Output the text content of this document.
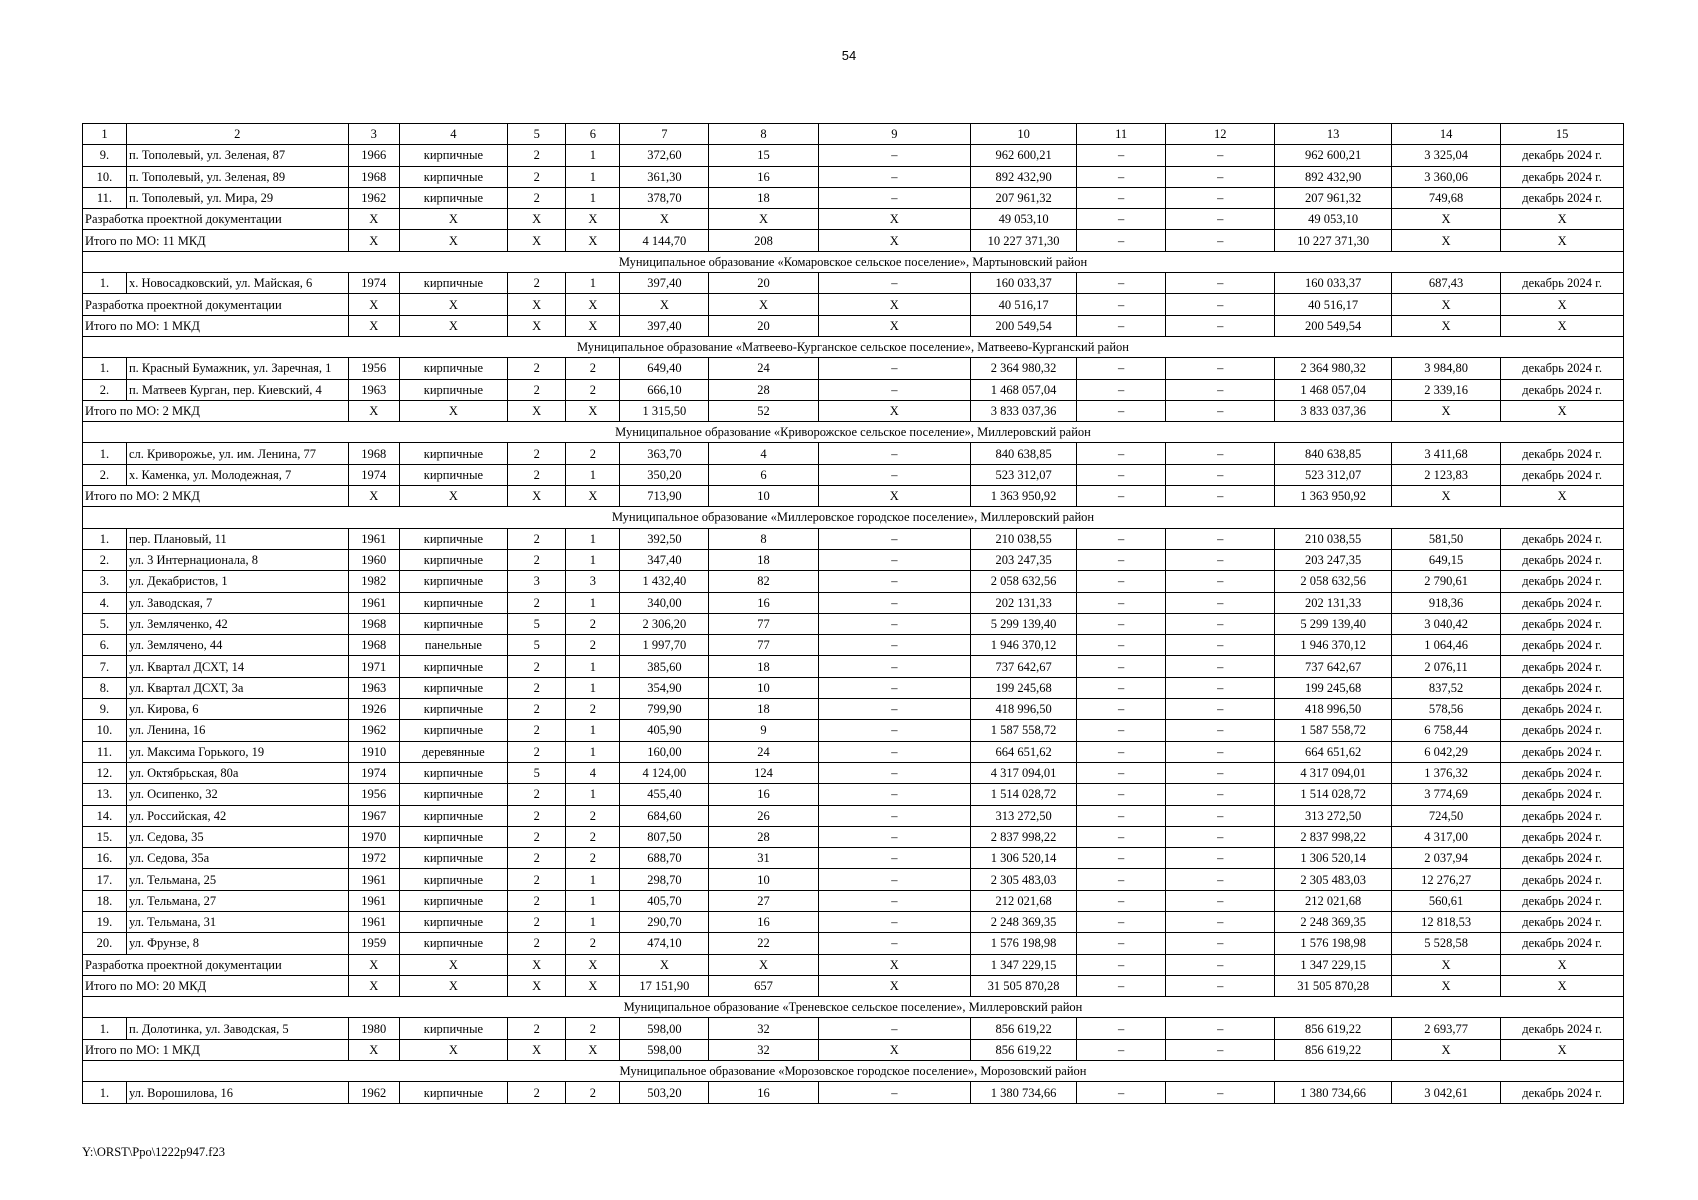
54
1	2	3	4	5	6	7	8	9	10	11	12	13	14	15
9.	п. Тополевый, ул. Зеленая, 87	1966	кирпичные	2	1	372,60	15	–	962 600,21	–	–	962 600,21	3 325,04	декабрь 2024 г.
10.	п. Тополевый, ул. Зеленая, 89	1968	кирпичные	2	1	361,30	16	–	892 432,90	–	–	892 432,90	3 360,06	декабрь 2024 г.
11.	п. Тополевый, ул. Мира, 29	1962	кирпичные	2	1	378,70	18	–	207 961,32	–	–	207 961,32	749,68	декабрь 2024 г.
Разработка проектной документации		X	X	X	X	X	X	X	49 053,10	–	–	49 053,10	X	X
Итого по МО: 11 МКД		X	X	X	X	4 144,70	208	X	10 227 371,30	–	–	10 227 371,30	X	X
Муниципальное образование «Комаровское сельское поселение», Мартыновский район														
1.	х. Новосадковский, ул. Майская, 6	1974	кирпичные	2	1	397,40	20	–	160 033,37	–	–	160 033,37	687,43	декабрь 2024 г.
Разработка проектной документации		X	X	X	X	X	X	X	40 516,17	–	–	40 516,17	X	X
Итого по МО: 1 МКД		X	X	X	X	397,40	20	X	200 549,54	–	–	200 549,54	X	X
Муниципальное образование «Матвеево-Курганское сельское поселение», Матвеево-Курганский район														
1.	п. Красный Бумажник, ул. Заречная, 1	1956	кирпичные	2	2	649,40	24	–	2 364 980,32	–	–	2 364 980,32	3 984,80	декабрь 2024 г.
2.	п. Матвеев Курган, пер. Киевский, 4	1963	кирпичные	2	2	666,10	28	–	1 468 057,04	–	–	1 468 057,04	2 339,16	декабрь 2024 г.
Итого по МО: 2 МКД		X	X	X	X	1 315,50	52	X	3 833 037,36	–	–	3 833 037,36	X	X
Муниципальное образование «Криворожское сельское поселение», Миллеровский район														
1.	сл. Криворожье, ул. им. Ленина, 77	1968	кирпичные	2	2	363,70	4	–	840 638,85	–	–	840 638,85	3 411,68	декабрь 2024 г.
2.	х. Каменка, ул. Молодежная, 7	1974	кирпичные	2	1	350,20	6	–	523 312,07	–	–	523 312,07	2 123,83	декабрь 2024 г.
Итого по МО: 2 МКД		X	X	X	X	713,90	10	X	1 363 950,92	–	–	1 363 950,92	X	X
Муниципальное образование «Миллеровское городское поселение», Миллеровский район														
1.	пер. Плановый, 11	1961	кирпичные	2	1	392,50	8	–	210 038,55	–	–	210 038,55	581,50	декабрь 2024 г.
2.	ул. 3 Интернационала, 8	1960	кирпичные	2	1	347,40	18	–	203 247,35	–	–	203 247,35	649,15	декабрь 2024 г.
3.	ул. Декабристов, 1	1982	кирпичные	3	3	1 432,40	82	–	2 058 632,56	–	–	2 058 632,56	2 790,61	декабрь 2024 г.
4.	ул. Заводская, 7	1961	кирпичные	2	1	340,00	16	–	202 131,33	–	–	202 131,33	918,36	декабрь 2024 г.
5.	ул. Земляченко, 42	1968	кирпичные	5	2	2 306,20	77	–	5 299 139,40	–	–	5 299 139,40	3 040,42	декабрь 2024 г.
6.	ул. Землячено, 44	1968	панельные	5	2	1 997,70	77	–	1 946 370,12	–	–	1 946 370,12	1 064,46	декабрь 2024 г.
7.	ул. Квартал ДСХТ, 14	1971	кирпичные	2	1	385,60	18	–	737 642,67	–	–	737 642,67	2 076,11	декабрь 2024 г.
8.	ул. Квартал ДСХТ, 3а	1963	кирпичные	2	1	354,90	10	–	199 245,68	–	–	199 245,68	837,52	декабрь 2024 г.
9.	ул. Кирова, 6	1926	кирпичные	2	2	799,90	18	–	418 996,50	–	–	418 996,50	578,56	декабрь 2024 г.
10.	ул. Ленина, 16	1962	кирпичные	2	1	405,90	9	–	1 587 558,72	–	–	1 587 558,72	6 758,44	декабрь 2024 г.
11.	ул. Максима Горького, 19	1910	деревянные	2	1	160,00	24	–	664 651,62	–	–	664 651,62	6 042,29	декабрь 2024 г.
12.	ул. Октябрьская, 80а	1974	кирпичные	5	4	4 124,00	124	–	4 317 094,01	–	–	4 317 094,01	1 376,32	декабрь 2024 г.
13.	ул. Осипенко, 32	1956	кирпичные	2	1	455,40	16	–	1 514 028,72	–	–	1 514 028,72	3 774,69	декабрь 2024 г.
14.	ул. Российская, 42	1967	кирпичные	2	2	684,60	26	–	313 272,50	–	–	313 272,50	724,50	декабрь 2024 г.
15.	ул. Седова, 35	1970	кирпичные	2	2	807,50	28	–	2 837 998,22	–	–	2 837 998,22	4 317,00	декабрь 2024 г.
16.	ул. Седова, 35а	1972	кирпичные	2	2	688,70	31	–	1 306 520,14	–	–	1 306 520,14	2 037,94	декабрь 2024 г.
17.	ул. Тельмана, 25	1961	кирпичные	2	1	298,70	10	–	2 305 483,03	–	–	2 305 483,03	12 276,27	декабрь 2024 г.
18.	ул. Тельмана, 27	1961	кирпичные	2	1	405,70	27	–	212 021,68	–	–	212 021,68	560,61	декабрь 2024 г.
19.	ул. Тельмана, 31	1961	кирпичные	2	1	290,70	16	–	2 248 369,35	–	–	2 248 369,35	12 818,53	декабрь 2024 г.
20.	ул. Фрунзе, 8	1959	кирпичные	2	2	474,10	22	–	1 576 198,98	–	–	1 576 198,98	5 528,58	декабрь 2024 г.
Разработка проектной документации		X	X	X	X	X	X	X	1 347 229,15	–	–	1 347 229,15	X	X
Итого по МО: 20 МКД		X	X	X	X	17 151,90	657	X	31 505 870,28	–	–	31 505 870,28	X	X
Муниципальное образование «Треневское сельское поселение», Миллеровский район														
1.	п. Долотинка, ул. Заводская, 5	1980	кирпичные	2	2	598,00	32	–	856 619,22	–	–	856 619,22	2 693,77	декабрь 2024 г.
Итого по МО: 1 МКД		X	X	X	X	598,00	32	X	856 619,22	–	–	856 619,22	X	X
Муниципальное образование «Морозовское городское поселение», Морозовский район														
1.	ул. Ворошилова, 16	1962	кирпичные	2	2	503,20	16	–	1 380 734,66	–	–	1 380 734,66	3 042,61	декабрь 2024 г.
Y:\ORST\Ppo\1222p947.f23
